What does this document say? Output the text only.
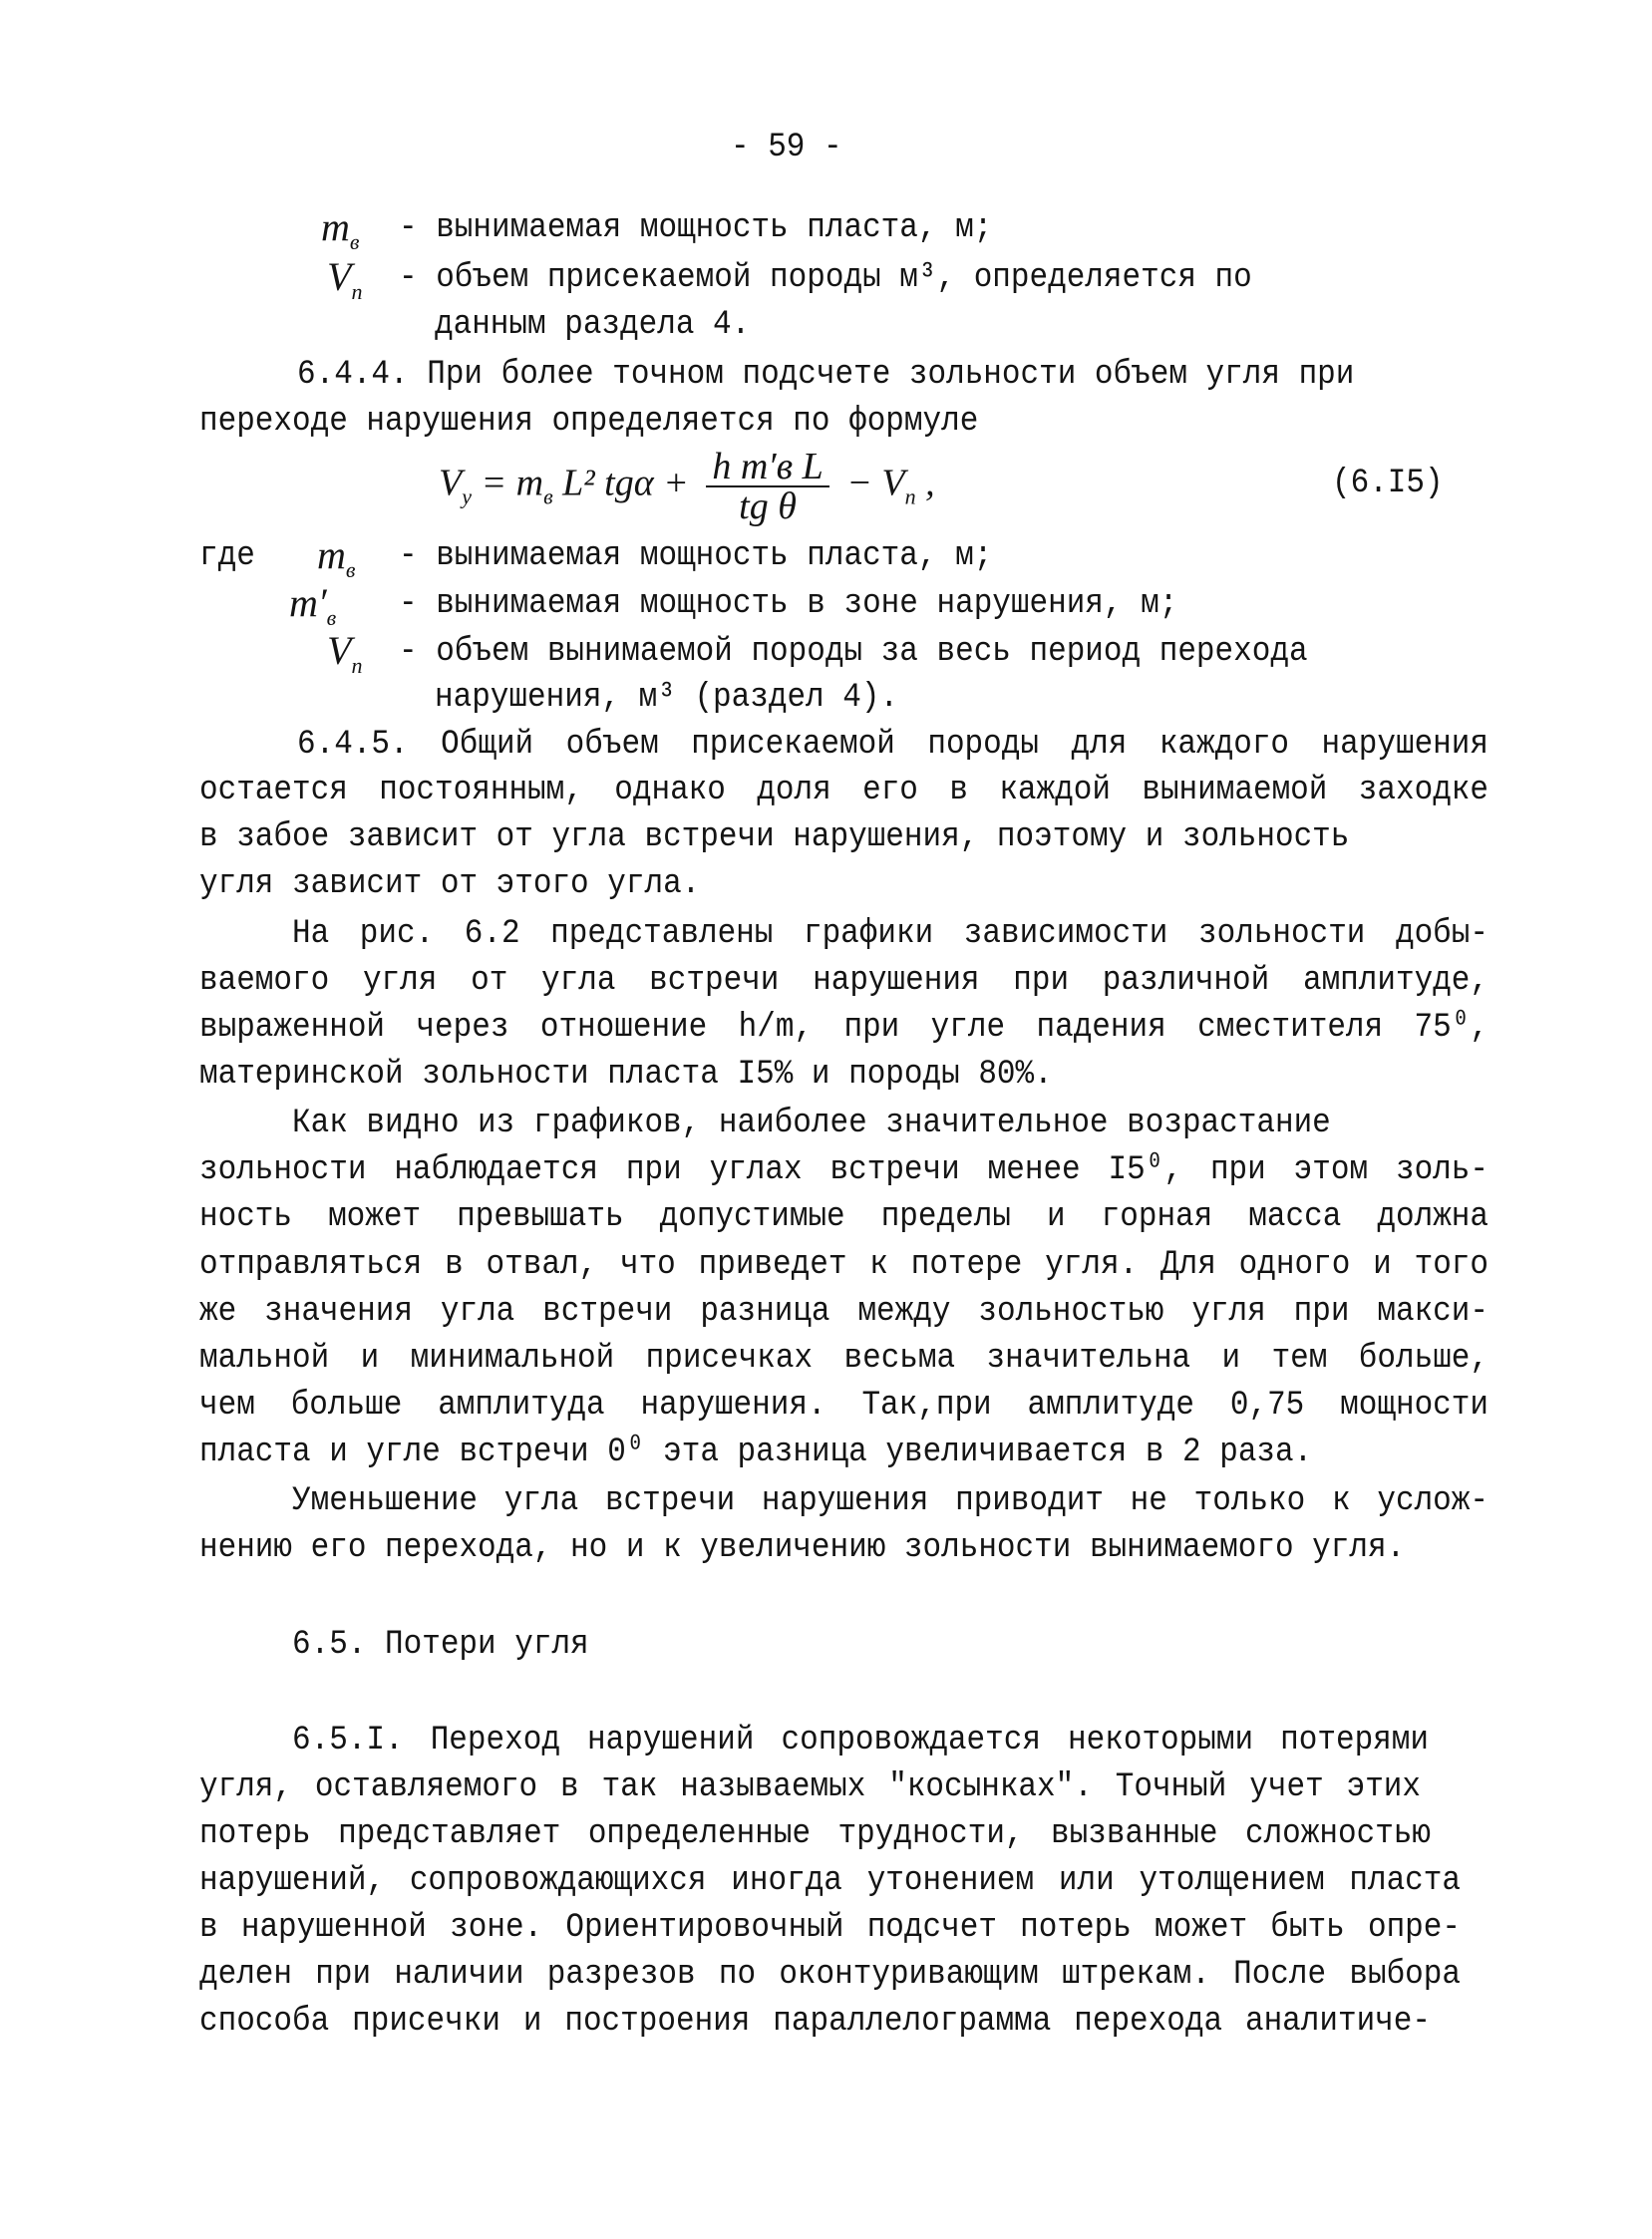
- 59 -
$m_в$ - вынимаемая мощность пласта, м;
$V_п$ - объем присекаемой породы м³, определяется по
данным раздела 4.
6.4.4. При более точном подсчете зольности объем угля при
переходе нарушения определяется по формуле
$V_у = m_в$ L² $tg\alpha + \frac{\text{h m′в L}}{\text{tg θ}} - V_п$ ,	(6.I5)
где $m_в$ - вынимаемая мощность пласта, м;
$m'_в$ - вынимаемая мощность в зоне нарушения, м;
$V_п$ - объем вынимаемой породы за весь период перехода
нарушения, м³ (раздел 4).
6.4.5. Общий объем присекаемой породы для каждого нарушения
остается постоянным, однако доля его в каждой вынимаемой заходке
в забое зависит от угла встречи нарушения, поэтому и зольность
угля зависит от этого угла.
На рис. 6.2 представлены графики зависимости зольности добы-
ваемого угля от угла встречи нарушения при различной амплитуде,
выраженной через отношение h/m, при угле падения сместителя 75⁰,
материнской зольности пласта I5% и породы 80%.
Как видно из графиков, наиболее значительное возрастание
зольности наблюдается при углах встречи менее I5⁰, при этом золь-
ность может превышать допустимые пределы и горная масса должна
отправляться в отвал, что приведет к потере угля. Для одного и того
же значения угла встречи разница между зольностью угля при макси-
мальной и минимальной присечках весьма значительна и тем больше,
чем больше амплитуда нарушения. Так,при амплитуде 0,75 мощности
пласта и угле встречи 0⁰ эта разница увеличивается в 2 раза.
Уменьшение угла встречи нарушения приводит не только к услож-
нению его перехода, но и к увеличению зольности вынимаемого угля.
6.5. Потери угля
6.5.I. Переход нарушений сопровождается некоторыми потерями
угля, оставляемого в так называемых "косынках". Точный учет этих
потерь представляет определенные трудности, вызванные сложностью
нарушений, сопровождающихся иногда утонением или утолщением пласта
в нарушенной зоне. Ориентировочный подсчет потерь может быть опре-
делен при наличии разрезов по оконтуривающим штрекам. После выбора
способа присечки и построения параллелограмма перехода аналитиче-
